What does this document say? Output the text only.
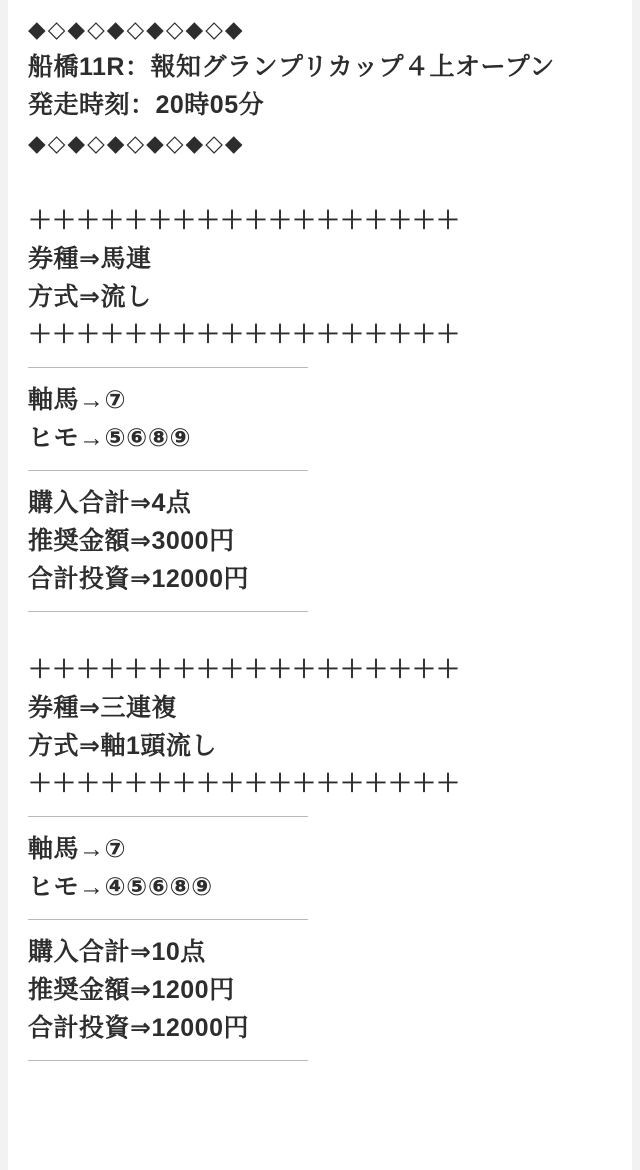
◆◇◆◇◆◇◆◇◆◇◆
船橋11R：報知グランプリカップ４上オープン
発走時刻：20時05分
◆◇◆◇◆◇◆◇◆◇◆
＋＋＋＋＋＋＋＋＋＋＋＋＋＋＋＋＋＋
券種⇒馬連
方式⇒流し
＋＋＋＋＋＋＋＋＋＋＋＋＋＋＋＋＋＋
軸馬→⑦
ヒモ→⑤⑥⑧⑨
購入合計⇒4点
推奨金額⇒3000円
合計投資⇒12000円
＋＋＋＋＋＋＋＋＋＋＋＋＋＋＋＋＋＋
券種⇒三連複
方式⇒軸1頭流し
＋＋＋＋＋＋＋＋＋＋＋＋＋＋＋＋＋＋
軸馬→⑦
ヒモ→④⑤⑥⑧⑨
購入合計⇒10点
推奨金額⇒1200円
合計投資⇒12000円
